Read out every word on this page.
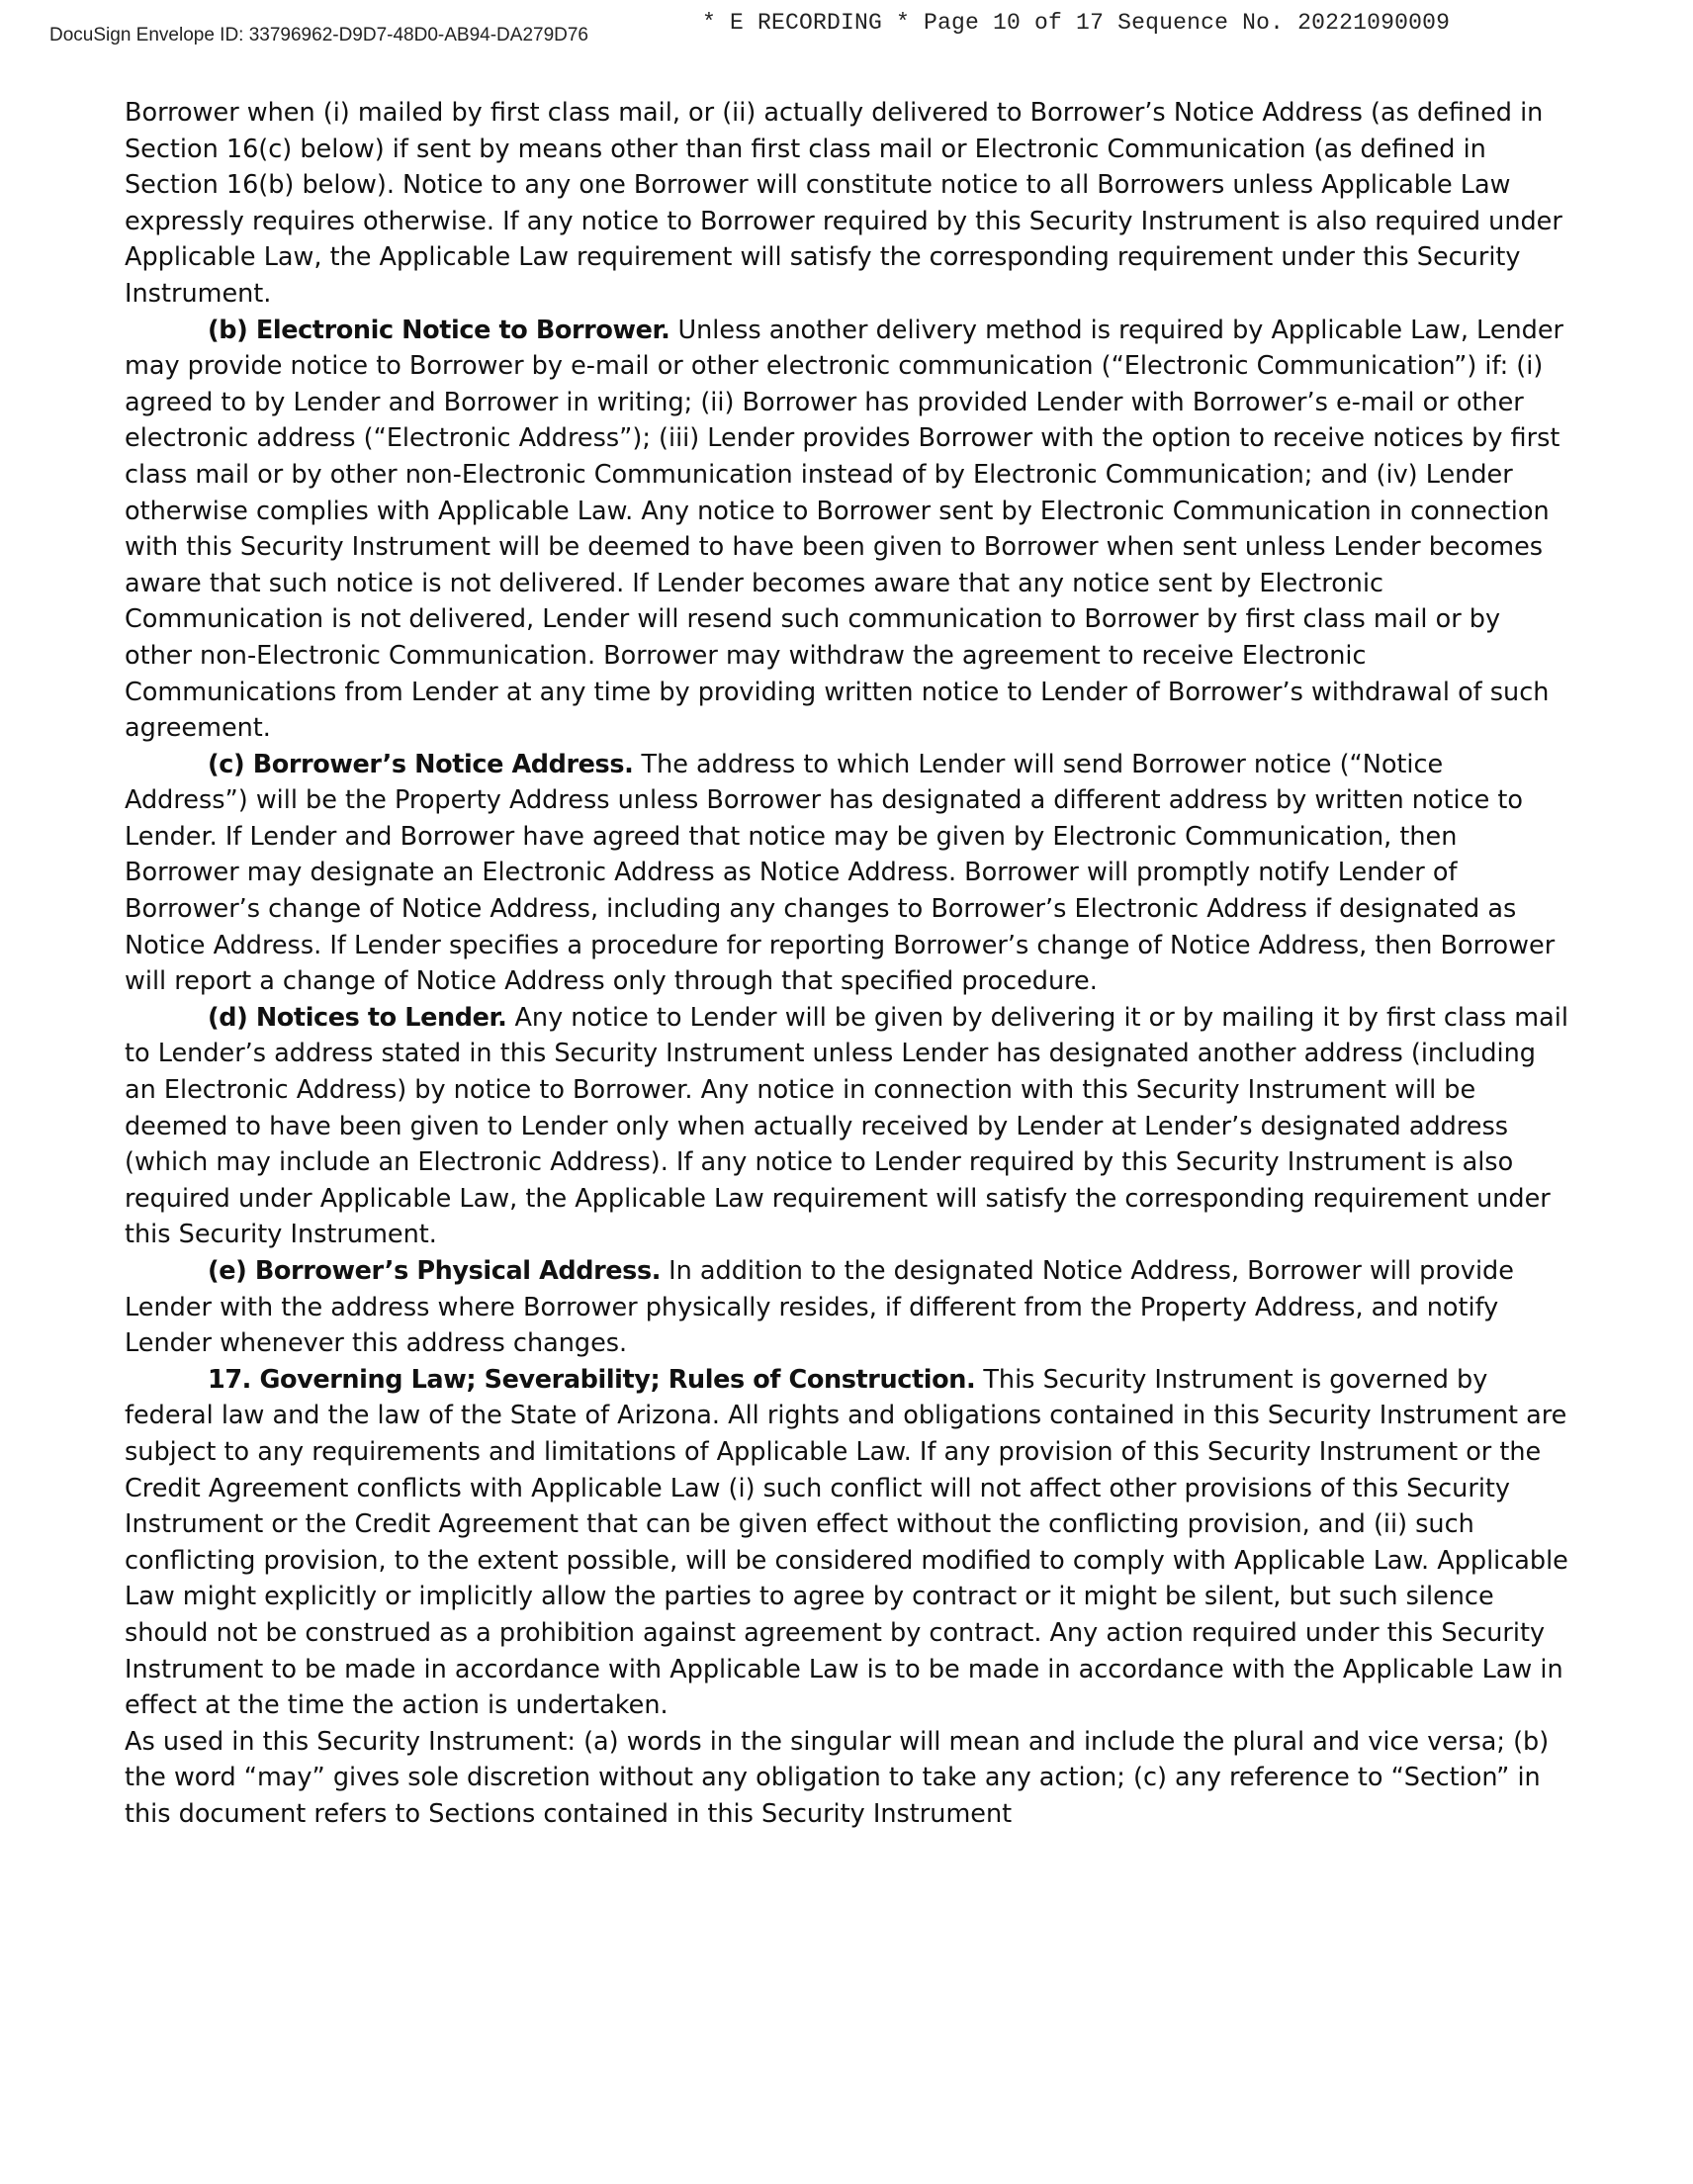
DocuSign Envelope ID: 33796962-D9D7-48D0-AB94-DA279D76	* E RECORDING * Page 10 of 17 Sequence No. 20221090009

Borrower when (i) mailed by first class mail, or (ii) actually delivered to Borrower’s Notice Address (as defined in Section 16(c) below) if sent by means other than first class mail or Electronic Communication (as defined in Section 16(b) below). Notice to any one Borrower will constitute notice to all Borrowers unless Applicable Law expressly requires otherwise. If any notice to Borrower required by this Security Instrument is also required under Applicable Law, the Applicable Law requirement will satisfy the corresponding requirement under this Security Instrument.

(b) Electronic Notice to Borrower. Unless another delivery method is required by Applicable Law, Lender may provide notice to Borrower by e-mail or other electronic communication (“Electronic Communication”) if: (i) agreed to by Lender and Borrower in writing; (ii) Borrower has provided Lender with Borrower’s e-mail or other electronic address (“Electronic Address”); (iii) Lender provides Borrower with the option to receive notices by first class mail or by other non-Electronic Communication instead of by Electronic Communication; and (iv) Lender otherwise complies with Applicable Law. Any notice to Borrower sent by Electronic Communication in connection with this Security Instrument will be deemed to have been given to Borrower when sent unless Lender becomes aware that such notice is not delivered. If Lender becomes aware that any notice sent by Electronic Communication is not delivered, Lender will resend such communication to Borrower by first class mail or by other non-Electronic Communication. Borrower may withdraw the agreement to receive Electronic Communications from Lender at any time by providing written notice to Lender of Borrower’s withdrawal of such agreement.

(c) Borrower’s Notice Address. The address to which Lender will send Borrower notice (“Notice Address”) will be the Property Address unless Borrower has designated a different address by written notice to Lender. If Lender and Borrower have agreed that notice may be given by Electronic Communication, then Borrower may designate an Electronic Address as Notice Address. Borrower will promptly notify Lender of Borrower’s change of Notice Address, including any changes to Borrower’s Electronic Address if designated as Notice Address. If Lender specifies a procedure for reporting Borrower’s change of Notice Address, then Borrower will report a change of Notice Address only through that specified procedure.

(d) Notices to Lender. Any notice to Lender will be given by delivering it or by mailing it by first class mail to Lender’s address stated in this Security Instrument unless Lender has designated another address (including an Electronic Address) by notice to Borrower. Any notice in connection with this Security Instrument will be deemed to have been given to Lender only when actually received by Lender at Lender’s designated address (which may include an Electronic Address). If any notice to Lender required by this Security Instrument is also required under Applicable Law, the Applicable Law requirement will satisfy the corresponding requirement under this Security Instrument.

(e) Borrower’s Physical Address. In addition to the designated Notice Address, Borrower will provide Lender with the address where Borrower physically resides, if different from the Property Address, and notify Lender whenever this address changes.

17. Governing Law; Severability; Rules of Construction. This Security Instrument is governed by federal law and the law of the State of Arizona. All rights and obligations contained in this Security Instrument are subject to any requirements and limitations of Applicable Law. If any provision of this Security Instrument or the Credit Agreement conflicts with Applicable Law (i) such conflict will not affect other provisions of this Security Instrument or the Credit Agreement that can be given effect without the conflicting provision, and (ii) such conflicting provision, to the extent possible, will be considered modified to comply with Applicable Law. Applicable Law might explicitly or implicitly allow the parties to agree by contract or it might be silent, but such silence should not be construed as a prohibition against agreement by contract. Any action required under this Security Instrument to be made in accordance with Applicable Law is to be made in accordance with the Applicable Law in effect at the time the action is undertaken.

As used in this Security Instrument: (a) words in the singular will mean and include the plural and vice versa; (b) the word “may” gives sole discretion without any obligation to take any action; (c) any reference to “Section” in this document refers to Sections contained in this Security Instrument
